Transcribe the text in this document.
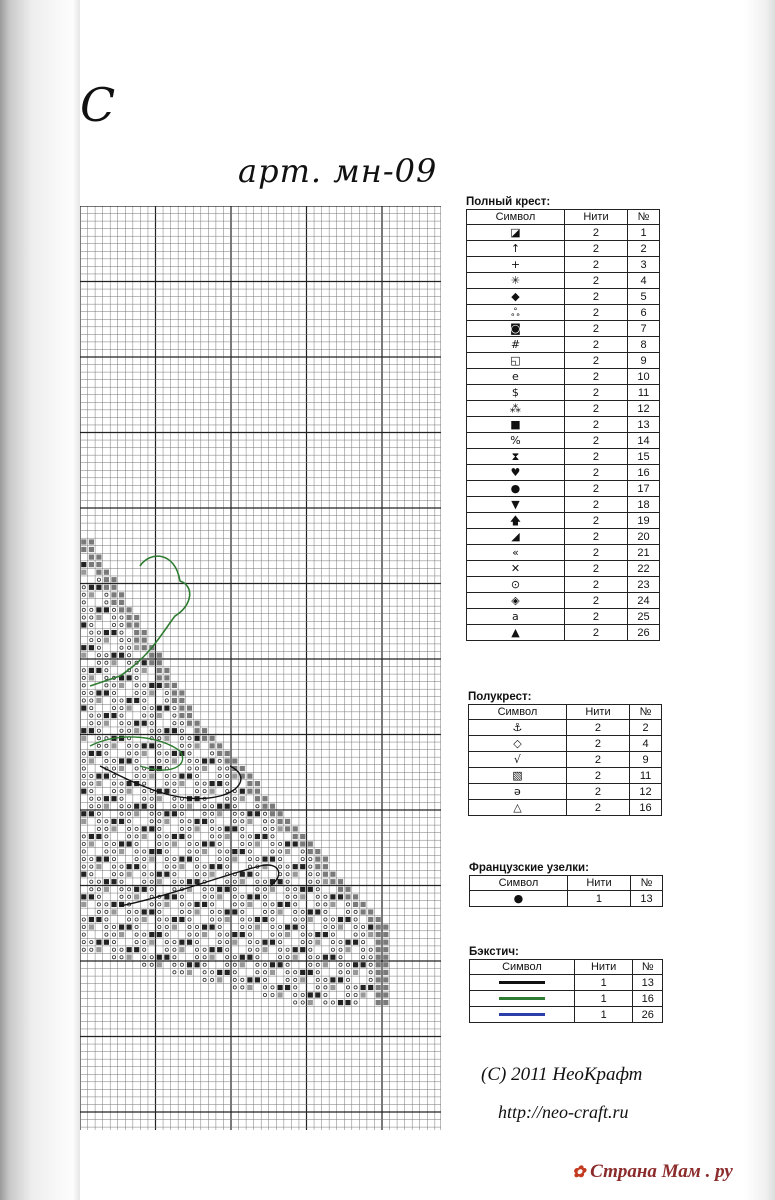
C
арт. мн-09
Полный крест:
Символ	Нити	№
◪	2	1
↑	2	2
+	2	3
✳	2	4
◆	2	5
ஃ	2	6
◙	2	7
#	2	8
◱	2	9
e	2	10
$	2	11
⁂	2	12
■	2	13
%	2	14
⧗	2	15
♥	2	16
●	2	17
▼	2	18
🡅	2	19
◢	2	20
«	2	21
✕	2	22
⊙	2	23
◈	2	24
a	2	25
▲	2	26
Полукрест:
Символ	Нити	№
⚓	2	2
◇	2	4
√	2	9
▧	2	11
ə	2	12
△	2	16
Французские узелки:
Символ	Нити	№
●	1	13
Бэкстич:
Символ	Нити	№
	1	13
	1	16
	1	26
(C) 2011 НеоКрафт
http://neo-craft.ru
✿ Страна Мам . ру
